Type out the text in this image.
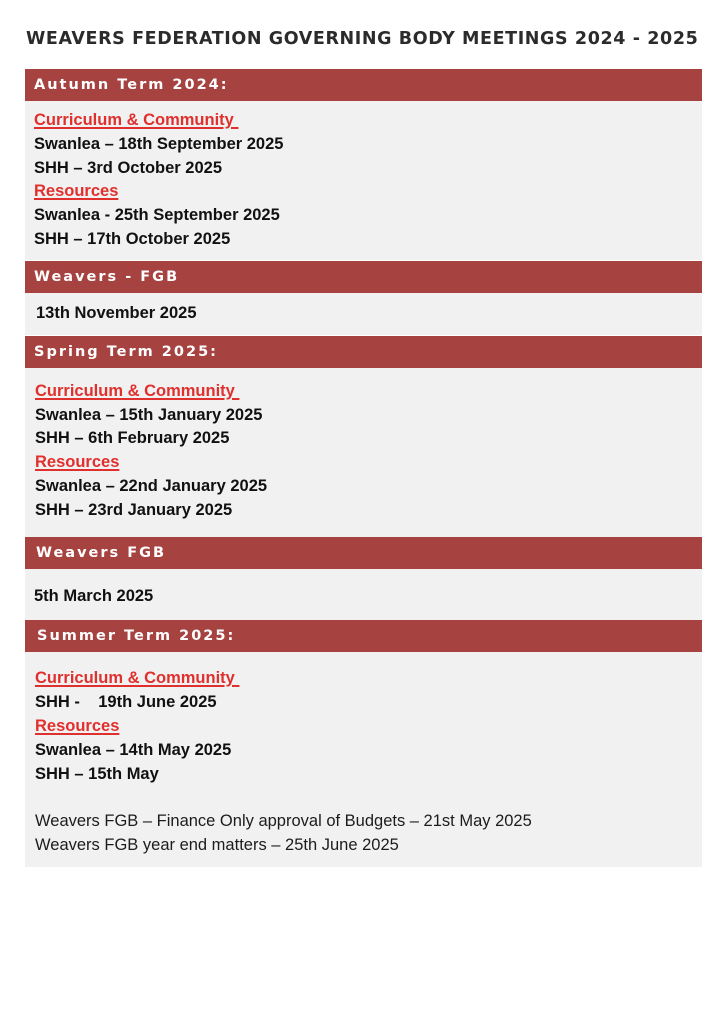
WEAVERS FEDERATION GOVERNING BODY MEETINGS 2024 - 2025
Autumn Term 2024:
Curriculum & Community
Swanlea – 18th September 2025
SHH – 3rd October 2025
Resources
Swanlea - 25th September 2025
SHH – 17th October 2025
Weavers - FGB
13th November 2025
Spring Term 2025:
Curriculum & Community
Swanlea – 15th January 2025
SHH – 6th February 2025
Resources
Swanlea – 22nd January 2025
SHH – 23rd January 2025
Weavers FGB
5th March 2025
Summer Term 2025:
Curriculum & Community
SHH -    19th June 2025
Resources
Swanlea – 14th May 2025
SHH – 15th May
Weavers FGB – Finance Only approval of Budgets – 21st May 2025
Weavers FGB year end matters – 25th June 2025
